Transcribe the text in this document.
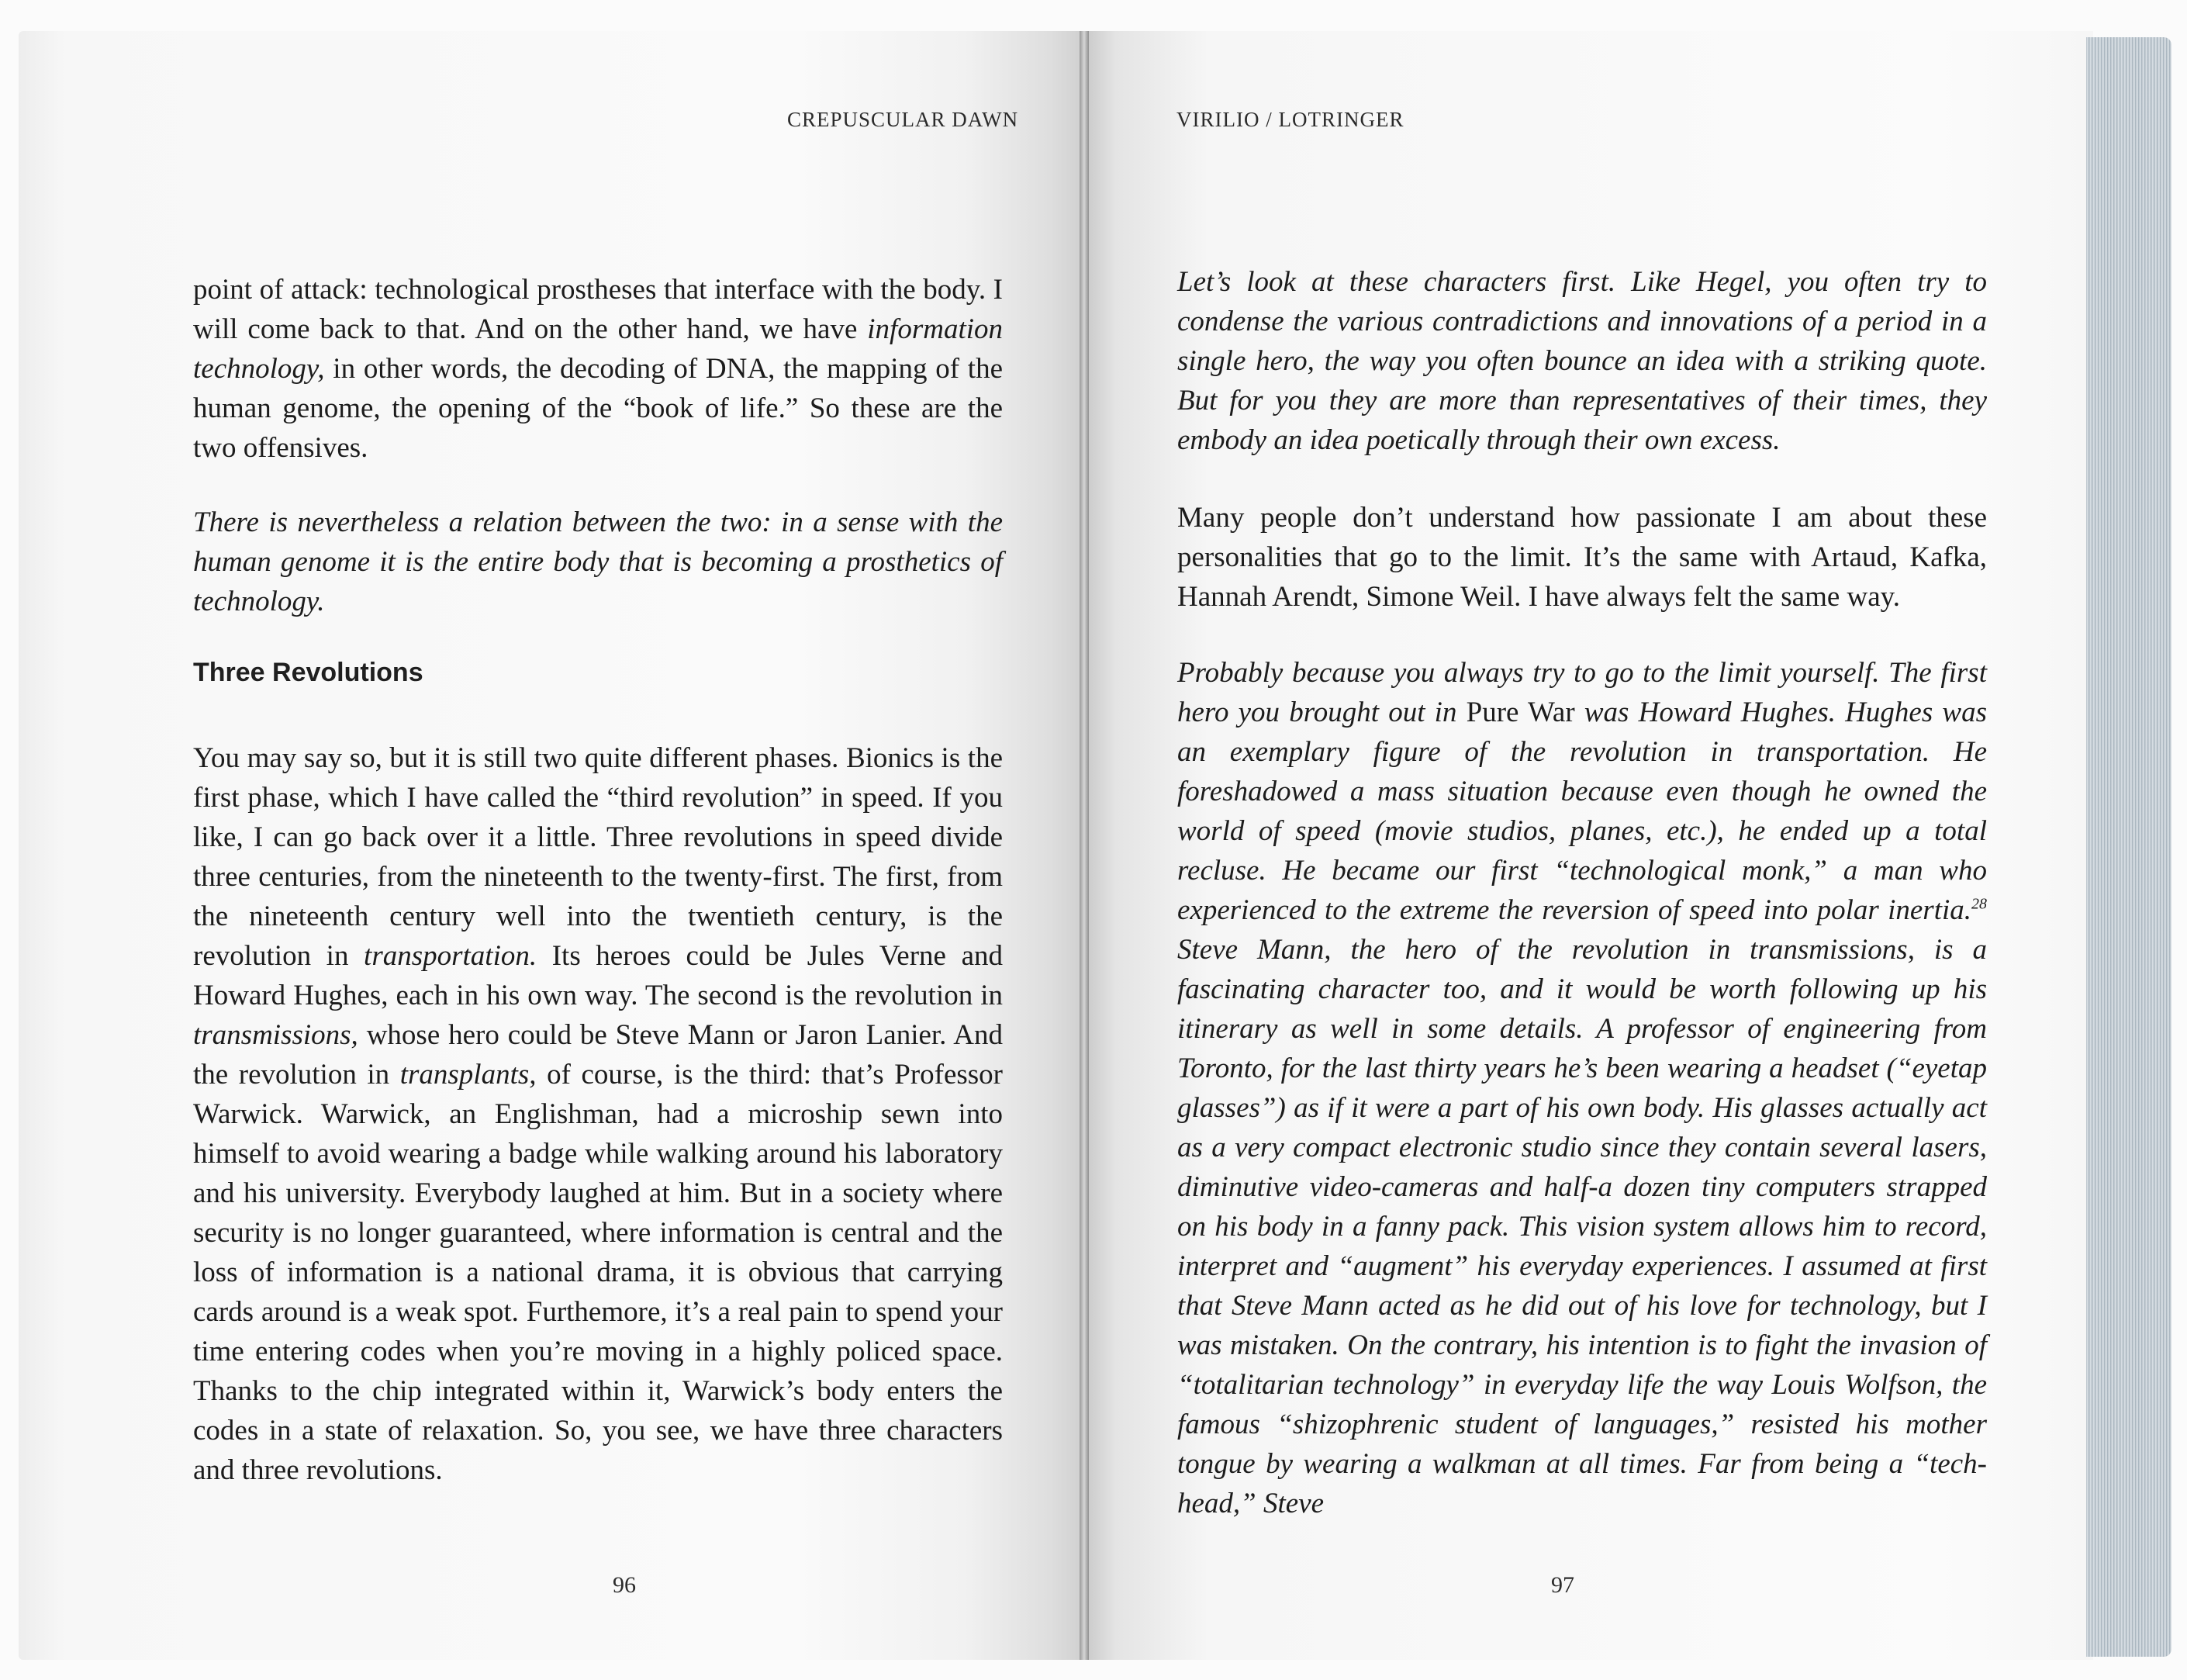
CREPUSCULAR DAWN

point of attack: technological prostheses that interface with the body. I will come back to that. And on the other hand, we have information technology, in other words, the decoding of DNA, the mapping of the human genome, the opening of the “book of life.” So these are the two offensives.

There is nevertheless a relation between the two: in a sense with the human genome it is the entire body that is becoming a prosthetics of technology.

Three Revolutions

You may say so, but it is still two quite different phases. Bionics is the first phase, which I have called the “third revolution” in speed. If you like, I can go back over it a little. Three revolutions in speed divide three centuries, from the nineteenth to the twenty-first. The first, from the nineteenth century well into the twentieth century, is the revolution in transportation. Its heroes could be Jules Verne and Howard Hughes, each in his own way. The second is the revolution in transmissions, whose hero could be Steve Mann or Jaron Lanier. And the revolution in transplants, of course, is the third: that’s Professor Warwick. Warwick, an Englishman, had a microship sewn into himself to avoid wearing a badge while walking around his laboratory and his university. Everybody laughed at him. But in a society where security is no longer guaranteed, where information is central and the loss of information is a national drama, it is obvious that carrying cards around is a weak spot. Furthemore, it’s a real pain to spend your time entering codes when you’re moving in a highly policed space. Thanks to the chip integrated within it, Warwick’s body enters the codes in a state of relaxation. So, you see, we have three characters and three revolutions.

96
VIRILIO / LOTRINGER

Let’s look at these characters first. Like Hegel, you often try to condense the various contradictions and innovations of a period in a single hero, the way you often bounce an idea with a striking quote. But for you they are more than representatives of their times, they embody an idea poetically through their own excess.

Many people don’t understand how passionate I am about these personalities that go to the limit. It’s the same with Artaud, Kafka, Hannah Arendt, Simone Weil. I have always felt the same way.

Probably because you always try to go to the limit yourself. The first hero you brought out in Pure War was Howard Hughes. Hughes was an exemplary figure of the revolution in transportation. He foreshadowed a mass situation because even though he owned the world of speed (movie studios, planes, etc.), he ended up a total recluse. He became our first “technological monk,” a man who experienced to the extreme the reversion of speed into polar inertia.$^{28}$ Steve Mann, the hero of the revolution in transmissions, is a fascinating character too, and it would be worth following up his itinerary as well in some details. A professor of engineering from Toronto, for the last thirty years he’s been wearing a headset (“eyetap glasses”) as if it were a part of his own body. His glasses actually act as a very compact electronic studio since they contain several lasers, diminutive video-cameras and half-a dozen tiny computers strapped on his body in a fanny pack. This vision system allows him to record, interpret and “augment” his everyday experiences. I assumed at first that Steve Mann acted as he did out of his love for technology, but I was mistaken. On the contrary, his intention is to fight the invasion of “totalitarian technology” in everyday life the way Louis Wolfson, the famous “shizophrenic student of languages,” resisted his mother tongue by wearing a walkman at all times. Far from being a “tech-head,” Steve

97
